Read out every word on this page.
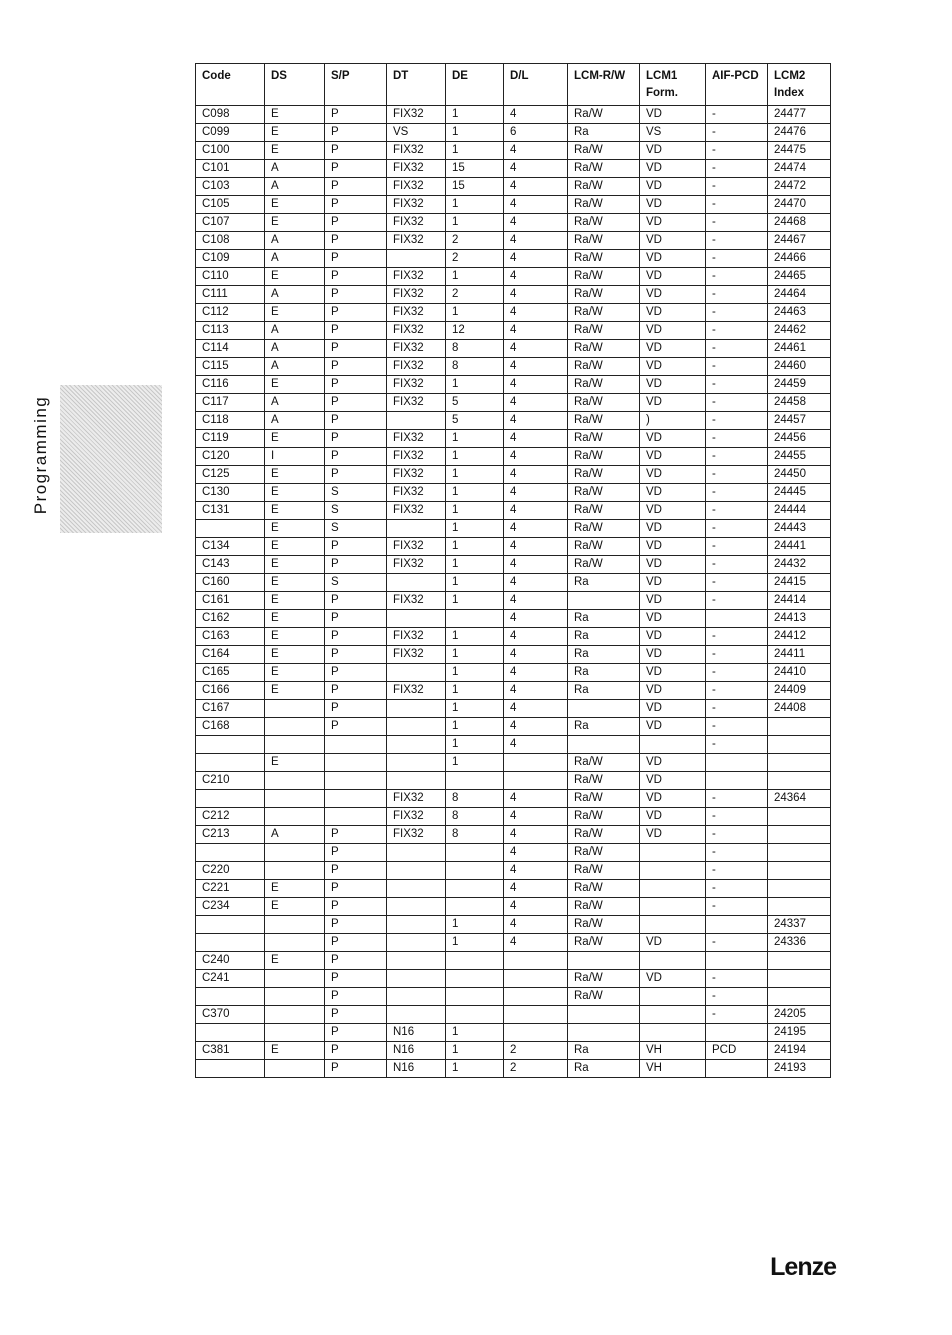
Programming
Code	DS	S/P	DT	DE	D/L	LCM-R/W	LCM1 Form.	AIF-PCD	LCM2 Index
C098	E	P	FIX32	1	4	Ra/W	VD	-	24477
C099	E	P	VS	1	6	Ra	VS	-	24476
C100	E	P	FIX32	1	4	Ra/W	VD	-	24475
C101	A	P	FIX32	15	4	Ra/W	VD	-	24474
C103	A	P	FIX32	15	4	Ra/W	VD	-	24472
C105	E	P	FIX32	1	4	Ra/W	VD	-	24470
C107	E	P	FIX32	1	4	Ra/W	VD	-	24468
C108	A	P	FIX32	2	4	Ra/W	VD	-	24467
C109	A	P		2	4	Ra/W	VD	-	24466
C110	E	P	FIX32	1	4	Ra/W	VD	-	24465
C111	A	P	FIX32	2	4	Ra/W	VD	-	24464
C112	E	P	FIX32	1	4	Ra/W	VD	-	24463
C113	A	P	FIX32	12	4	Ra/W	VD	-	24462
C114	A	P	FIX32	8	4	Ra/W	VD	-	24461
C115	A	P	FIX32	8	4	Ra/W	VD	-	24460
C116	E	P	FIX32	1	4	Ra/W	VD	-	24459
C117	A	P	FIX32	5	4	Ra/W	VD	-	24458
C118	A	P		5	4	Ra/W	)	-	24457
C119	E	P	FIX32	1	4	Ra/W	VD	-	24456
C120	I	P	FIX32	1	4	Ra/W	VD	-	24455
C125	E	P	FIX32	1	4	Ra/W	VD	-	24450
C130	E	S	FIX32	1	4	Ra/W	VD	-	24445
C131	E	S	FIX32	1	4	Ra/W	VD	-	24444
	E	S		1	4	Ra/W	VD	-	24443
C134	E	P	FIX32	1	4	Ra/W	VD	-	24441
C143	E	P	FIX32	1	4	Ra/W	VD	-	24432
C160	E	S		1	4	Ra	VD	-	24415
C161	E	P	FIX32	1	4		VD	-	24414
C162	E	P			4	Ra	VD		24413
C163	E	P	FIX32	1	4	Ra	VD	-	24412
C164	E	P	FIX32	1	4	Ra	VD	-	24411
C165	E	P		1	4	Ra	VD	-	24410
C166	E	P	FIX32	1	4	Ra	VD	-	24409
C167		P		1	4		VD	-	24408
C168		P		1	4	Ra	VD	-	
				1	4			-	
	E			1		Ra/W	VD		
C210						Ra/W	VD		
			FIX32	8	4	Ra/W	VD	-	24364
C212			FIX32	8	4	Ra/W	VD	-	
C213	A	P	FIX32	8	4	Ra/W	VD	-	
		P			4	Ra/W		-	
C220		P			4	Ra/W		-	
C221	E	P			4	Ra/W		-	
C234	E	P			4	Ra/W		-	
		P		1	4	Ra/W			24337
		P		1	4	Ra/W	VD	-	24336
C240	E	P							
C241		P				Ra/W	VD	-	
		P				Ra/W		-	
C370		P						-	24205
		P	N16	1					24195
C381	E	P	N16	1	2	Ra	VH	PCD	24194
		P	N16	1	2	Ra	VH		24193
Lenze
